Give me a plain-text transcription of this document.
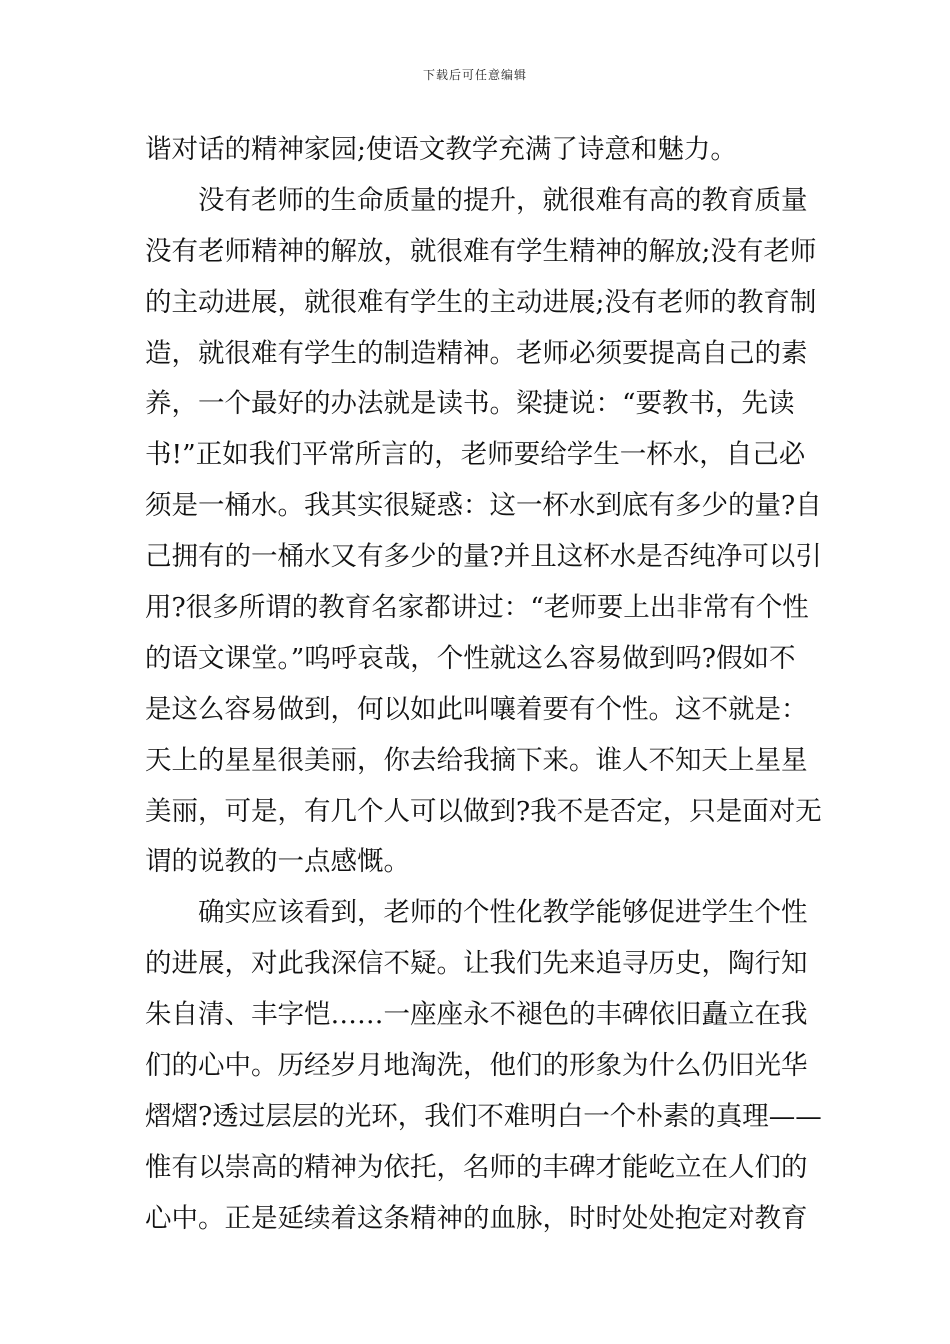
下载后可任意编辑
谐对话的精神家园;使语文教学充满了诗意和魅力。
没有老师的生命质量的提升，就很难有高的教育质量
没有老师精神的解放，就很难有学生精神的解放;没有老师
的主动进展，就很难有学生的主动进展;没有老师的教育制
造，就很难有学生的制造精神。老师必须要提高自己的素
养，一个最好的办法就是读书。梁捷说：“要教书，先读
书!”正如我们平常所言的，老师要给学生一杯水，自己必
须是一桶水。我其实很疑惑：这一杯水到底有多少的量?自
己拥有的一桶水又有多少的量?并且这杯水是否纯净可以引
用?很多所谓的教育名家都讲过：“老师要上出非常有个性
的语文课堂。”呜呼哀哉，个性就这么容易做到吗?假如不
是这么容易做到，何以如此叫嚷着要有个性。这不就是：
天上的星星很美丽，你去给我摘下来。谁人不知天上星星
美丽，可是，有几个人可以做到?我不是否定，只是面对无
谓的说教的一点感慨。
确实应该看到，老师的个性化教学能够促进学生个性
的进展，对此我深信不疑。让我们先来追寻历史，陶行知
朱自清、丰字恺……一座座永不褪色的丰碑依旧矗立在我
们的心中。历经岁月地淘洗，他们的形象为什么仍旧光华
熠熠?透过层层的光环，我们不难明白一个朴素的真理——
惟有以崇高的精神为依托，名师的丰碑才能屹立在人们的
心中。正是延续着这条精神的血脉，时时处处抱定对教育
